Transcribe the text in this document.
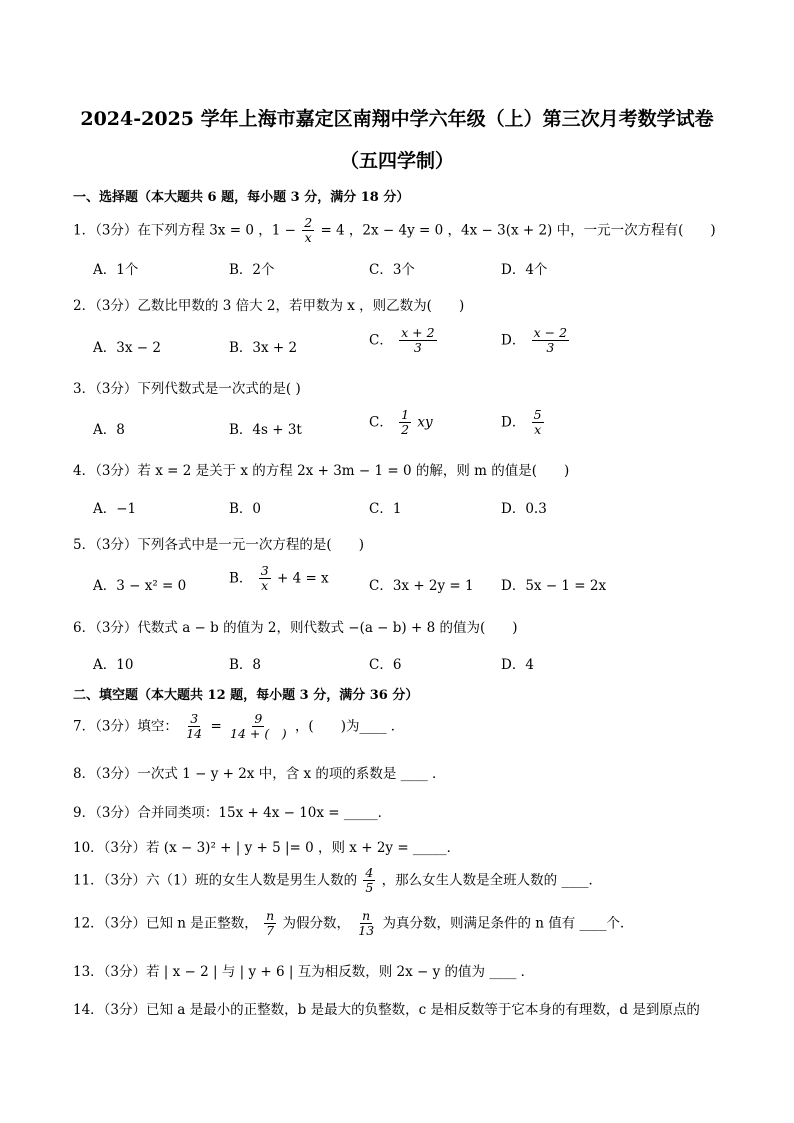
2024-2025 学年上海市嘉定区南翔中学六年级（上）第三次月考数学试卷
（五四学制）
一、选择题（本大题共 6 题，每小题 3 分，满分 18 分）
1．（3分）在下列方程 3x = 0 ，$1 - \frac{2}{x} = 4$ ，2x − 4y = 0 ，4x − 3(x + 2) 中，一元一次方程有(　　)
A．1个	B．2个	C．3个	D．4个
2．（3分）乙数比甲数的 3 倍大 2，若甲数为 x ，则乙数为(　　)
A．3x − 2	B．3x + 2	C． $\frac{x + 2}{3}$	D． $\frac{x - 2}{3}$
3．（3分）下列代数式是一次式的是( )
A．8	B．4s + 3t	C． $\frac{1}{2}$ xy	D． $\frac{5}{x}$
4．（3分）若 x = 2 是关于 x 的方程 2x + 3m − 1 = 0 的解，则 m 的值是(　　)
A．−1	B．0	C．1	D．0.3
5．（3分）下列各式中是一元一次方程的是(　　)
A．3 − x² = 0	B． $\frac{3}{x} + 4 = x$	C．3x + 2y = 1 D．5x − 1 = 2x
6．（3分）代数式 a − b 的值为 2，则代数式 −(a − b) + 8 的值为(　　)
A．10	B．8	C．6	D．4
二、填空题（本大题共 12 题，每小题 3 分，满分 36 分）
7．（3分）填空： $\frac{3}{14} = \frac{9}{14 + ( )}$ ，(　　)为____ ．
8．（3分）一次式 1 − y + 2x 中，含 x 的项的系数是 ____ ．
9．（3分）合并同类项：15x + 4x − 10x = _____．
10．（3分）若 (x − 3)² + | y + 5 |= 0 ，则 x + 2y = _____．
11．（3分）六（1）班的女生人数是男生人数的 $\frac{4}{5}$ ，那么女生人数是全班人数的 ____．
12．（3分）已知 n 是正整数， $\frac{n}{7}$ 为假分数， $\frac{n}{13}$ 为真分数，则满足条件的 n 值有 ____个．
13．（3分）若 | x − 2 | 与 | y + 6 | 互为相反数，则 2x − y 的值为 ____ ．
14．（3分）已知 a 是最小的正整数，b 是最大的负整数，c 是相反数等于它本身的有理数，d 是到原点的
